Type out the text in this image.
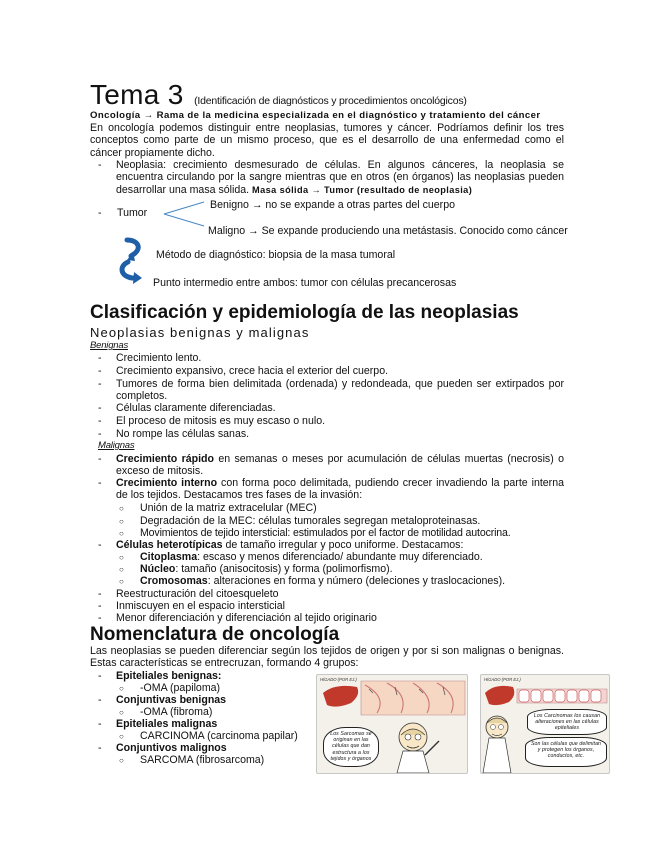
Tema 3 (Identificación de diagnósticos y procedimientos oncológicos)
Oncología → Rama de la medicina especializada en el diagnóstico y tratamiento del cáncer
En oncología podemos distinguir entre neoplasias, tumores y cáncer. Podríamos definir los tres conceptos como parte de un mismo proceso, que es el desarrollo de una enfermedad como el cáncer propiamente dicho.
- Neoplasia: crecimiento desmesurado de células. En algunos cánceres, la neoplasia se encuentra circulando por la sangre mientras que en otros (en órganos) las neoplasias pueden desarrollar una masa sólida. Masa sólida → Tumor (resultado de neoplasia)
- Tumor
Benigno → no se expande a otras partes del cuerpo
Maligno → Se expande produciendo una metástasis. Conocido como cáncer
Método de diagnóstico: biopsia de la masa tumoral
Punto intermedio entre ambos: tumor con células precancerosas
Clasificación y epidemiología de las neoplasias
Neoplasias benignas y malignas
Benignas
- Crecimiento lento.
- Crecimiento expansivo, crece hacia el exterior del cuerpo.
- Tumores de forma bien delimitada (ordenada) y redondeada, que pueden ser extirpados por completos.
- Células claramente diferenciadas.
- El proceso de mitosis es muy escaso o nulo.
- No rompe las células sanas.
Malignas
- Crecimiento rápido en semanas o meses por acumulación de células muertas (necrosis) o exceso de mitosis.
- Crecimiento interno con forma poco delimitada, pudiendo crecer invadiendo la parte interna de los tejidos. Destacamos tres fases de la invasión:
○ Unión de la matriz extracelular (MEC)
○ Degradación de la MEC: células tumorales segregan metaloproteinasas.
○ Movimientos de tejido intersticial: estimulados por el factor de motilidad autocrina.
- Células heterotípicas de tamaño irregular y poco uniforme. Destacamos:
○ Citoplasma: escaso y menos diferenciado/ abundante muy diferenciado.
○ Núcleo: tamaño (anisocitosis) y forma (polimorfismo).
○ Cromosomas: alteraciones en forma y número (deleciones y traslocaciones).
- Reestructuración del citoesqueleto
- Inmiscuyen en el espacio intersticial
- Menor diferenciación y diferenciación al tejido originario
Nomenclatura de oncología
Las neoplasias se pueden diferenciar según los tejidos de origen y por si son malignas o benignas. Estas características se entrecruzan, formando 4 grupos:
- Epiteliales benignas:
○ -OMA (papiloma)
- Conjuntivas benignas
○ -OMA (fibroma)
- Epiteliales malignas
○ CARCINOMA (carcinoma papilar)
- Conjuntivos malignos
○ SARCOMA (fibrosarcoma)
HÍGADO (POR EJ.)
Los Sarcomas se originan en las células que dan estructura a los tejidos y órganos
HÍGADO (POR EJ.)
Los Carcinomas los causan alteraciones en las células epiteliales
Son las células que delimitan y protegen los órganos, conductos, etc.
